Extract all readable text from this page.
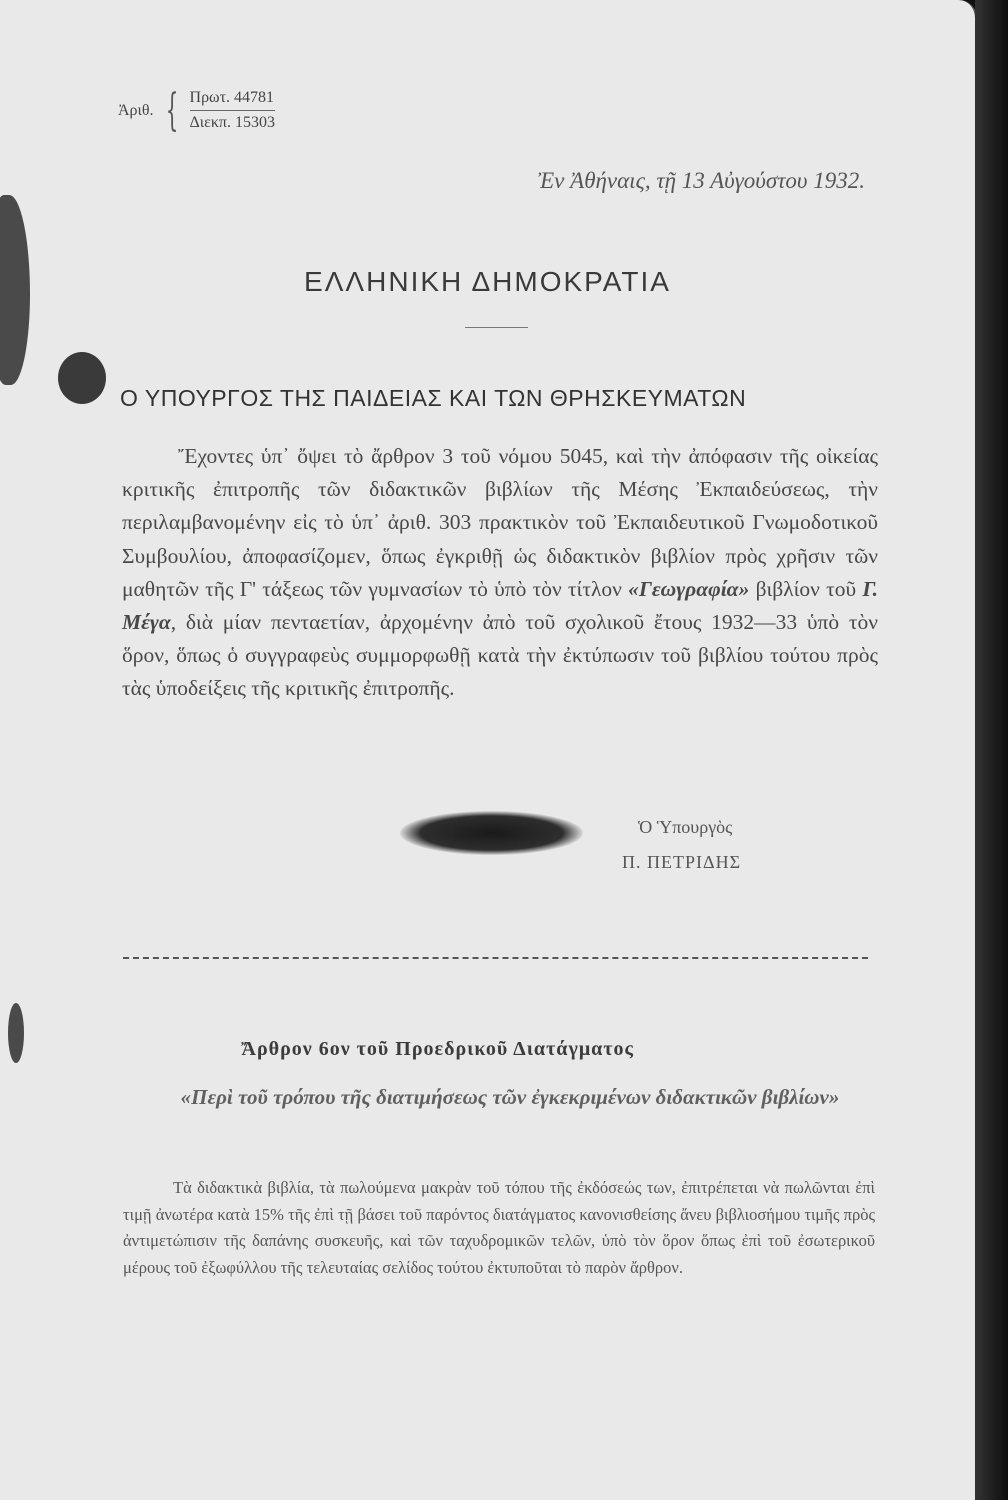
Ἀριθ. { Πρωτ. 44781
Διεκπ. 15303
Ἐν Ἀθήναις, τῇ 13 Αὐγούστου 1932.
ΕΛΛΗΝΙΚΗ ΔΗΜΟΚΡΑΤΙΑ
Ο ΥΠΟΥΡΓΟΣ ΤΗΣ ΠΑΙΔΕΙΑΣ ΚΑΙ ΤΩΝ ΘΡΗΣΚΕΥΜΑΤΩΝ
Ἔχοντες ὑπ᾿ ὄψει τὸ ἄρθρον 3 τοῦ νόμου 5045, καὶ τὴν ἀπόφασιν τῆς οἰκείας κριτικῆς ἐπιτροπῆς τῶν διδακτικῶν βιβλίων τῆς Μέσης Ἐκπαιδεύσεως, τὴν περιλαμβανομένην εἰς τὸ ὑπ᾿ ἀριθ. 303 πρακτικὸν τοῦ Ἐκπαιδευτικοῦ Γνωμοδοτικοῦ Συμβουλίου, ἀποφασίζομεν, ὅπως ἐγκριθῇ ὡς διδακτικὸν βιβλίον πρὸς χρῆσιν τῶν μαθητῶν τῆς Γ' τάξεως τῶν γυμνασίων τὸ ὑπὸ τὸν τίτλον «Γεωγραφία» βιβλίον τοῦ Γ. Μέγα, διὰ μίαν πενταετίαν, ἀρχομένην ἀπὸ τοῦ σχολικοῦ ἔτους 1932—33 ὑπὸ τὸν ὅρον, ὅπως ὁ συγγραφεὺς συμμορφωθῇ κατὰ τὴν ἐκτύπωσιν τοῦ βιβλίου τούτου πρὸς τὰς ὑποδείξεις τῆς κριτικῆς ἐπιτροπῆς.
Ὁ Ὑπουργὸς
Π. ΠΕΤΡΙΔΗΣ
Ἄρθρον 6ον τοῦ Προεδρικοῦ Διατάγματος
«Περὶ τοῦ τρόπου τῆς διατιμήσεως τῶν ἐγκεκριμένων διδακτικῶν βιβλίων»
Τὰ διδακτικὰ βιβλία, τὰ πωλούμενα μακρὰν τοῦ τόπου τῆς ἐκδόσεώς των, ἐπιτρέπεται νὰ πωλῶνται ἐπὶ τιμῇ ἀνωτέρα κατὰ 15% τῆς ἐπὶ τῇ βάσει τοῦ παρόντος διατάγματος κανονισθείσης ἄνευ βιβλιοσήμου τιμῆς πρὸς ἀντιμετώπισιν τῆς δαπάνης συσκευῆς, καὶ τῶν ταχυδρομικῶν τελῶν, ὑπὸ τὸν ὅρον ὅπως ἐπὶ τοῦ ἐσωτερικοῦ μέρους τοῦ ἐξωφύλλου τῆς τελευταίας σελίδος τούτου ἐκτυποῦται τὸ παρὸν ἄρθρον.
